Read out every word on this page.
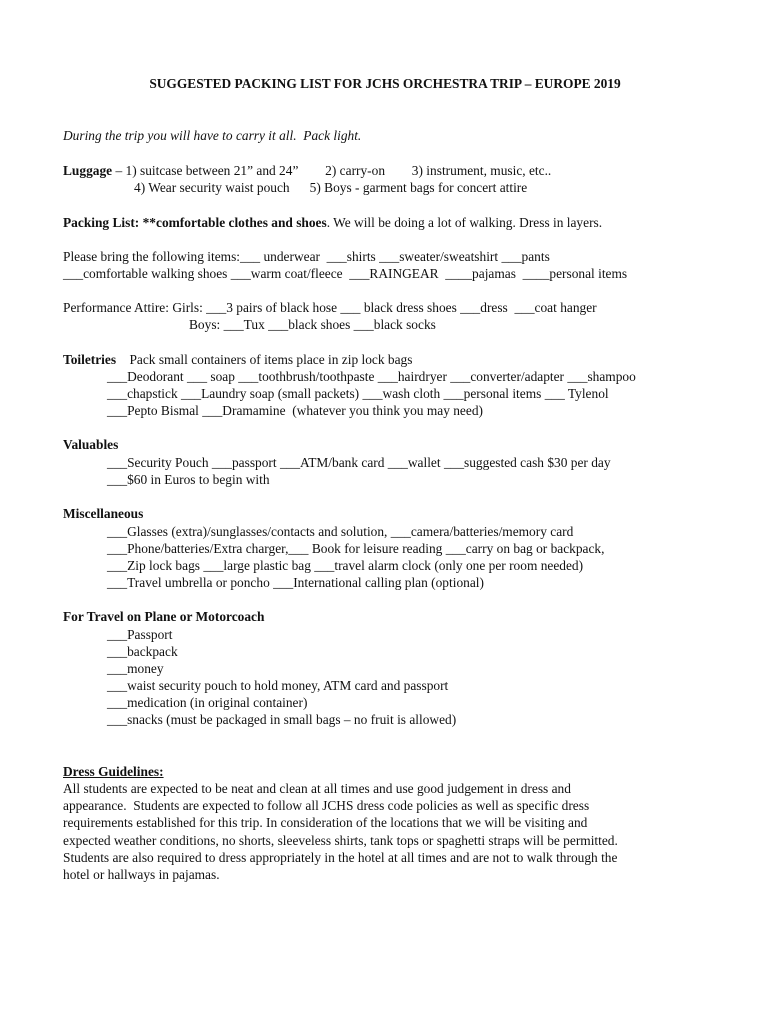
SUGGESTED PACKING LIST FOR JCHS ORCHESTRA TRIP – EUROPE 2019
During the trip you will have to carry it all.  Pack light.
Luggage – 1) suitcase between 21” and 24”        2) carry-on        3) instrument, music, etc..
4) Wear security waist pouch      5) Boys - garment bags for concert attire
Packing List: **comfortable clothes and shoes. We will be doing a lot of walking. Dress in layers.
Please bring the following items:___ underwear  ___shirts ___sweater/sweatshirt ___pants
___comfortable walking shoes ___warm coat/fleece  ___RAINGEAR  ____pajamas  ____personal items
Performance Attire: Girls: ___3 pairs of black hose ___ black dress shoes ___dress  ___coat hanger
Boys: ___Tux ___black shoes ___black socks
Toiletries    Pack small containers of items place in zip lock bags
___Deodorant ___ soap ___toothbrush/toothpaste ___hairdryer ___converter/adapter ___shampoo
___chapstick ___Laundry soap (small packets) ___wash cloth ___personal items ___ Tylenol
___Pepto Bismal ___Dramamine  (whatever you think you may need)
Valuables
___Security Pouch ___passport ___ATM/bank card ___wallet ___suggested cash $30 per day
___$60 in Euros to begin with
Miscellaneous
___Glasses (extra)/sunglasses/contacts and solution, ___camera/batteries/memory card
___Phone/batteries/Extra charger,___ Book for leisure reading ___carry on bag or backpack,
___Zip lock bags ___large plastic bag ___travel alarm clock (only one per room needed)
___Travel umbrella or poncho ___International calling plan (optional)
For Travel on Plane or Motorcoach
___Passport
___backpack
___money
___waist security pouch to hold money, ATM card and passport
___medication (in original container)
___snacks (must be packaged in small bags – no fruit is allowed)
Dress Guidelines:
All students are expected to be neat and clean at all times and use good judgement in dress and
appearance.  Students are expected to follow all JCHS dress code policies as well as specific dress
requirements established for this trip. In consideration of the locations that we will be visiting and
expected weather conditions, no shorts, sleeveless shirts, tank tops or spaghetti straps will be permitted.
Students are also required to dress appropriately in the hotel at all times and are not to walk through the
hotel or hallways in pajamas.
